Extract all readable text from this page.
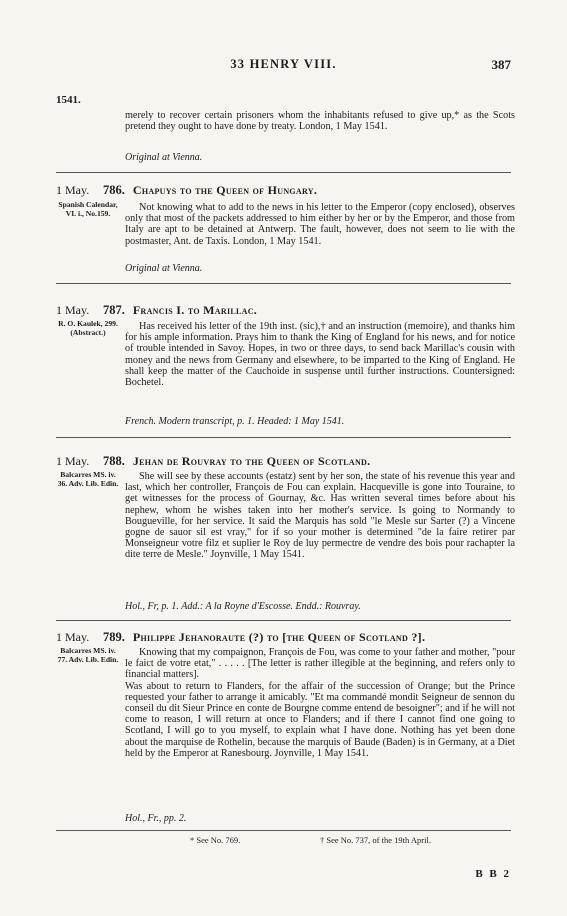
33 HENRY VIII.	387
1541.

merely to recover certain prisoners whom the inhabitants refused to give up,* as the Scots pretend they ought to have done by treaty. London, 1 May 1541.

Original at Vienna.
1 May.
Spanish Calendar, VI. i., No.159.
786. Chapuys to the Queen of Hungary.

Not knowing what to add to the news in his letter to the Emperor (copy enclosed), observes only that most of the packets addressed to him either by her or by the Emperor, and those from Italy are apt to be detained at Antwerp. The fault, however, does not seem to lie with the postmaster, Ant. de Taxis. London, 1 May 1541.

Original at Vienna.
1 May.
R. O. Kaulek, 299. (Abstract.)
787. Francis I. to Marillac.

Has received his letter of the 19th inst. (sic),† and an instruction (memoire), and thanks him for his ample information. Prays him to thank the King of England for his news, and for notice of trouble intended in Savoy. Hopes, in two or three days, to send back Marillac's cousin with money and the news from Germany and elsewhere, to be imparted to the King of England. He shall keep the matter of the Cauchoide in suspense until further instructions. Countersigned: Bochetel.

French. Modern transcript, p. 1. Headed: 1 May 1541.
1 May.
Balcarres MS. iv. 36. Adv. Lib. Edin.
788. Jehan de Rouvray to the Queen of Scotland.

She will see by these accounts (estatz) sent by her son, the state of his revenue this year and last, which her controller, François de Fou can explain. Hacqueville is gone into Touraine, to get witnesses for the process of Gournay, &c. Has written several times before about his nephew, whom he wishes taken into her mother's service. Is going to Normandy to Bougueville, for her service. It said the Marquis has sold "le Mesle sur Sarter (?) a Vincene gogne de sauor sil est vray," for if so your mother is determined "de la faire retirer par Monseigneur votre filz et suplier le Roy de luy permectre de vendre des bois pour rachapter la dite terre de Mesle." Joynville, 1 May 1541.

Hol., Fr, p. 1. Add.: A la Royne d'Escosse. Endd.: Rouvray.
1 May.
Balcarres MS. iv. 77. Adv. Lib. Edin.
789. Philippe Jehanoraute (?) to [the Queen of Scotland ?].

Knowing that my compaignon, François de Fou, was come to your father and mother, "pour le faict de votre etat," . . . . . [The letter is rather illegible at the beginning, and refers only to financial matters].

Was about to return to Flanders, for the affair of the succession of Orange; but the Prince requested your father to arrange it amicably. "Et ma commandé mondit Seigneur de sennon du conseil du dit Sieur Prince en conte de Bourgne comme entend de besoigner"; and if he will not come to reason, I will return at once to Flanders; and if there I cannot find one going to Scotland, I will go to you myself, to explain what I have done. Nothing has yet been done about the marquise de Rothelin, because the marquis of Baude (Baden) is in Germany, at a Diet held by the Emperor at Ranesbourg. Joynville, 1 May 1541.

Hol., Fr., pp. 2.
* See No. 769.	† See No. 737, of the 19th April.
B B 2
